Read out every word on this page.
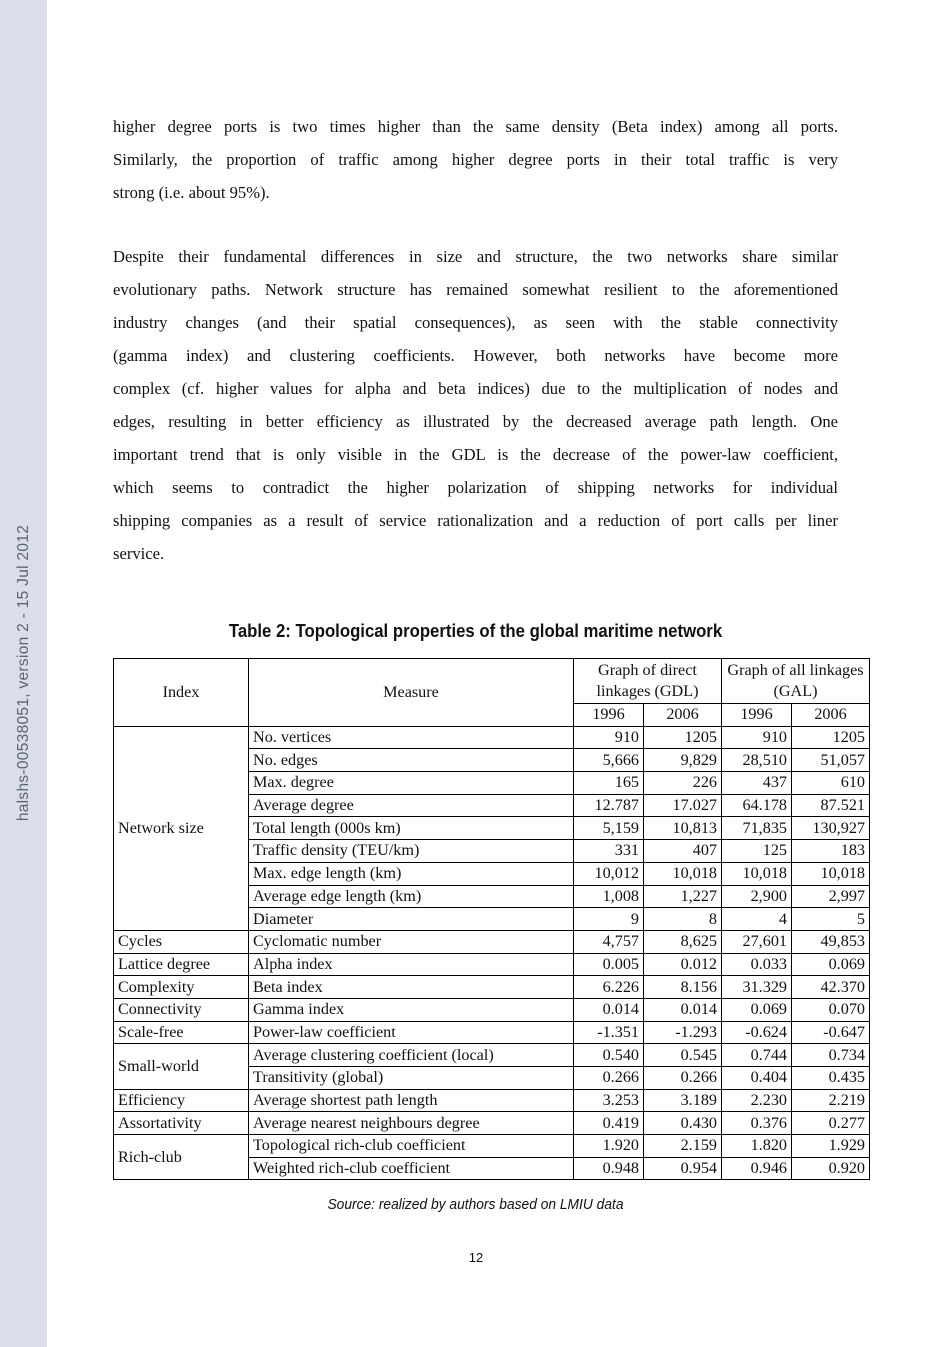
halshs-00538051, version 2 - 15 Jul 2012
higher degree ports is two times higher than the same density (Beta index) among all ports.
Similarly, the proportion of traffic among higher degree ports in their total traffic is very
strong (i.e. about 95%).
Despite their fundamental differences in size and structure, the two networks share similar
evolutionary paths. Network structure has remained somewhat resilient to the aforementioned
industry changes (and their spatial consequences), as seen with the stable connectivity
(gamma index) and clustering coefficients. However, both networks have become more
complex (cf. higher values for alpha and beta indices) due to the multiplication of nodes and
edges, resulting in better efficiency as illustrated by the decreased average path length. One
important trend that is only visible in the GDL is the decrease of the power-law coefficient,
which seems to contradict the higher polarization of shipping networks for individual
shipping companies as a result of service rationalization and a reduction of port calls per liner
service.
Table 2: Topological properties of the global maritime network
Index	Measure	Graph of direct linkages (GDL)		Graph of all linkages (GAL)	
		1996	2006	1996	2006
Network size	No. vertices	910	1205	910	1205
	No. edges	5,666	9,829	28,510	51,057
	Max. degree	165	226	437	610
	Average degree	12.787	17.027	64.178	87.521
	Total length (000s km)	5,159	10,813	71,835	130,927
	Traffic density (TEU/km)	331	407	125	183
	Max. edge length (km)	10,012	10,018	10,018	10,018
	Average edge length (km)	1,008	1,227	2,900	2,997
	Diameter	9	8	4	5
Cycles	Cyclomatic number	4,757	8,625	27,601	49,853
Lattice degree	Alpha index	0.005	0.012	0.033	0.069
Complexity	Beta index	6.226	8.156	31.329	42.370
Connectivity	Gamma index	0.014	0.014	0.069	0.070
Scale-free	Power-law coefficient	-1.351	-1.293	-0.624	-0.647
Small-world	Average clustering coefficient (local)	0.540	0.545	0.744	0.734
	Transitivity (global)	0.266	0.266	0.404	0.435
Efficiency	Average shortest path length	3.253	3.189	2.230	2.219
Assortativity	Average nearest neighbours degree	0.419	0.430	0.376	0.277
Rich-club	Topological rich-club coefficient	1.920	2.159	1.820	1.929
	Weighted rich-club coefficient	0.948	0.954	0.946	0.920
Source: realized by authors based on LMIU data
12
